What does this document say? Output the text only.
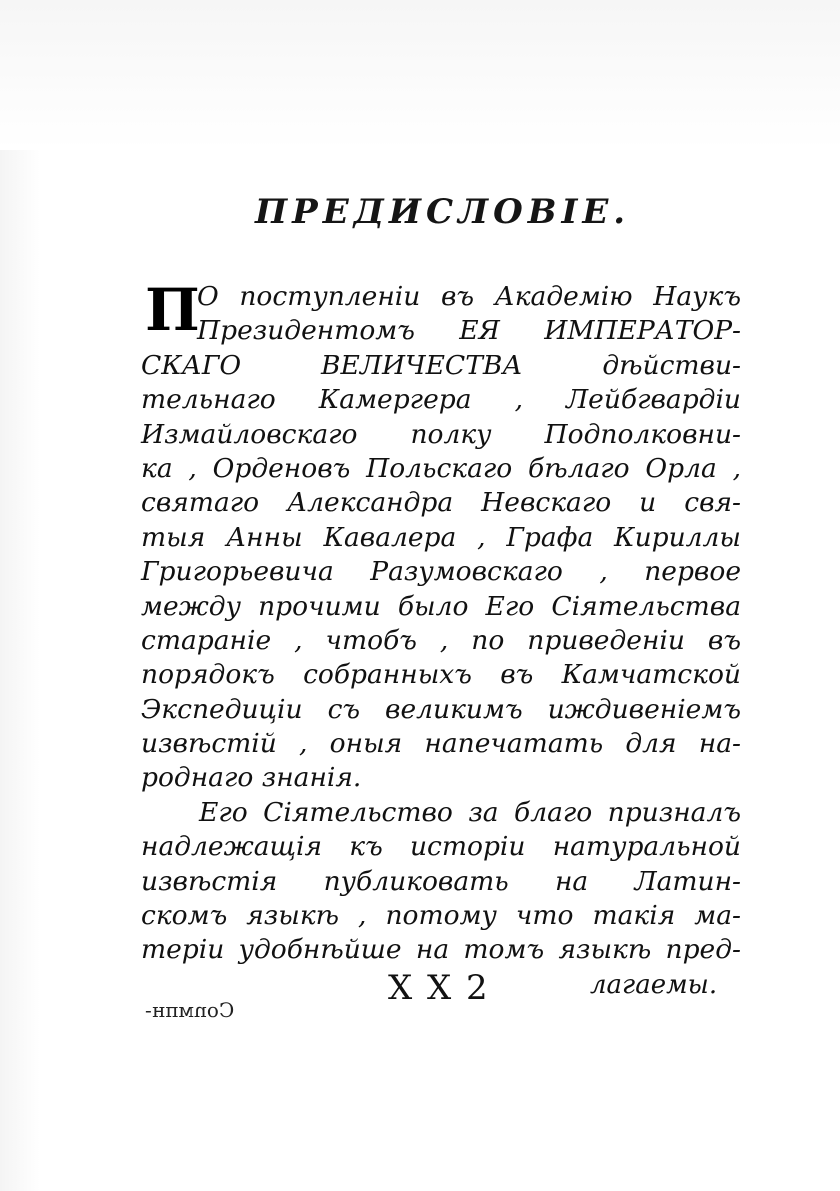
ПРЕДИСЛОВІЕ.
П
О поступленіи въ Академію Наукъ
Президентомъ ЕЯ ИМПЕРАТОР-
СКАГО ВЕЛИЧЕСТВА дѣйстви-
тельнаго Камергера , Лейбгвардіи
Измайловскаго полку Подполковни-
ка , Орденовъ Польскаго бѣлаго Орла ,
святаго Александра Невскаго и свя-
тыя Анны Кавалера , Графа Кириллы
Григорьевича Разумовскаго , первое
между прочими было Его Сіятельства
стараніе , чтобъ , по приведеніи въ
порядокъ собранныхъ въ Камчатской
Экспедиціи съ великимъ иждивеніемъ
извѣстій , оныя напечатать для на-
роднаго знанія.
Его Сіятельство за благо призналъ
надлежащія къ исторіи натуральной
извѣстія публиковать на Латин-
скомъ языкѣ , потому что такія ма-
теріи удобнѣйше на томъ языкѣ пред-
X X 2	лагаемы.
Conмпн-
